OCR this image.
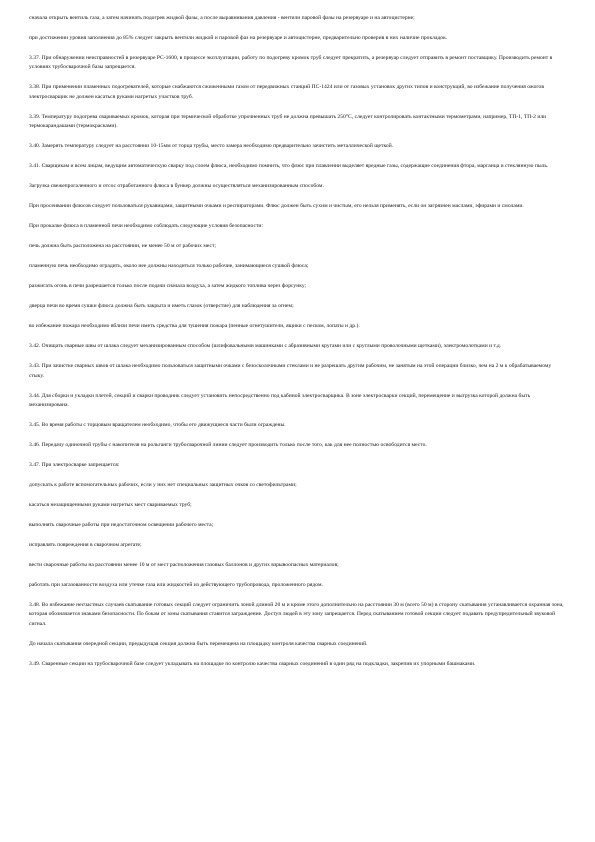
сначала открыть вентиль газа, а затем начинать подогрев жидкой фазы, а после выравнивания давления - вентили паровой фазы на резервуаре и на автоцистерне;

при достижении уровня заполнения до 85% следует закрыть вентили жидкой и паровой фаз на резервуаре и автоцистерне, предварительно проверив в них наличие прокладок.

3.37. При обнаружении неисправностей в резервуаре РС-1600, в процессе эксплуатации, работу по подогреву кромок труб следует прекратить, а резервуар следует отправить в ремонт поставщику. Производить ремонт в условиях трубосварочной базы запрещается.

3.38. При применении пламенных подогревателей, которые снабжаются сжиженными газом от передвижных станций ПС-1424 или от газовых установок других типов и конструкций, во избежание получения ожогов электросварщик не должен касаться руками нагретых участков труб.

3.39. Температуру подогрева свариваемых кромок, которая при термической обработке упрочненных труб не должна превышать 250°С, следует контролировать контактными термометрами, например, ТП-1, ТП-2 или термокарандашами (термокрасками).

3.40. Замерять температуру следует на расстоянии 10-15мм от торца трубы, место замера необходимо предварительно зачистить металлической щеткой.

3.41. Сварщикам и всем лицам, ведущим автоматическую сварку под слоем флюса, необходимо помнить, что флюс при плавлении выделяет вредные газы, содержащие соединения фтора, марганца и стеклянную пыль.

Загрузка свежепрогаленного и отсос отработанного флюса в бункер должны осуществляться механизированным способом.

При просеивании флюсов следует пользоваться рукавицами, защитными очками и респираторами. Флюс должен быть сухим и чистым, его нельзя применять, если он загрязнен маслами, эфирами и смолами.

При прокалке флюса в пламенной печи необходимо соблюдать следующие условия безопасности:

печь должна быть расположена на расстоянии, не менее 50 м от рабочих мест;

пламенную печь необходимо оградить, около нее должны находиться только рабочие, занимающиеся сушкой флюса;

разжигать огонь в печи разрешается только после подачи сначала воздуха, а затем жидкого топлива через форсунку;

дверца печи во время сушки флюса должна быть закрыта и иметь глазок (отверстие) для наблюдения за огнем;

во избежание пожара необходимо вблизи печи иметь средства для тушения пожара (пенные огнетушители, ящики с песком, лопаты и др.).

3.42. Очищать сварные швы от шлака следует механизированным способом (шлифовальными машинками с абразивными кругами или с круглыми проволочными щетками), электромолотками и т.д.

3.43. При зачистке сварных швов от шлака необходимо пользоваться защитными очками с безосколочными стеклами и не разрешать другим рабочим, не занятым на этой операции близко, чем на 2 м к обрабатываемому стыку.

3.44. Для сборки и укладки плетей, секций и сварки проводник следует установить непосредственно под кабиной электросварщика. В зоне электросварки секций, перемещение и выгрузка которой должна быть механизирована.

3.45. Во время работы с торцовым вращателем необходимо, чтобы его движущиеся части были ограждены.

3.46. Передачу одиночной трубы с накопителя на рольганги трубосварочной линии следует производить только после того, как для нее полностью освободится место.

3.47. При электросварке запрещается:

допускать к работе вспомогательных рабочих, если у них нет специальных защитных очков со светофильтрами;

касаться незащищенными руками нагретых мест свариваемых труб;

выполнять сварочные работы при недостаточном освещении рабочего места;

исправлять повреждения в сварочном агрегате;

вести сварочные работы на расстоянии менее 10 м от мест расположения газовых баллонов и других взрывоопасных материалов;

работать при загазованности воздуха или утечке газа или жидкостей из действующего трубопровода, проложенного рядом.

3.48. Во избежание несчастных случаев скатывание готовых секций следует ограничить зоной длиной 20 м и кроме этого дополнительно на расстоянии 30 м (всего 50 м) в сторону скатывания устанавливается охранная зона, которая обозначается знаками безопасности. По бокам от зоны скатывания ставится заграждение. Доступ людей в эту зону запрещается. Перед скатыванием готовой секции следует подавать предупредительный звуковой сигнал.

До начала скатывания очередной секции, предыдущая секция должна быть перемещена на площадку контроля качества сварных соединений.

3.49. Сваренные секции на трубосварочной базе следует укладывать на площадке по контролю качества сварных соединений в один ряд на подкладки, закрепив их упорными башмаками.
